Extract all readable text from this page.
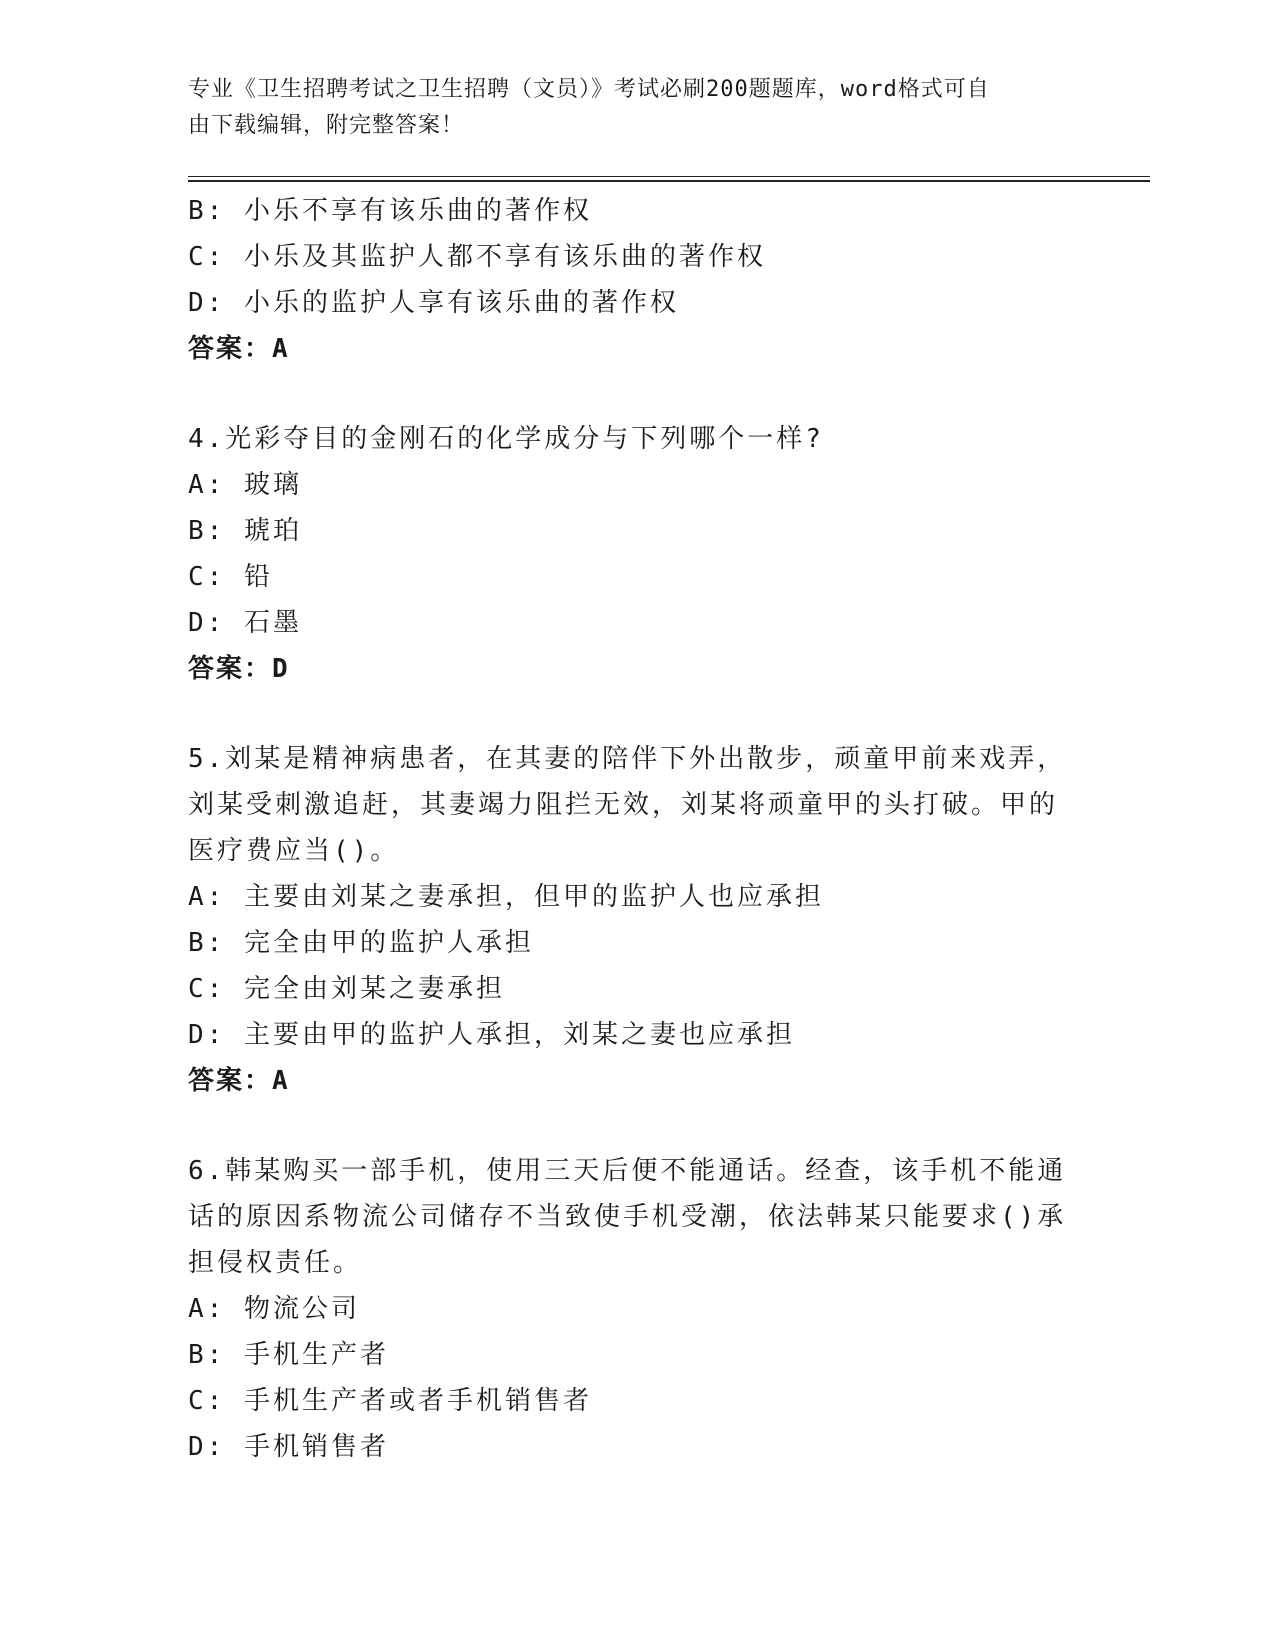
专业《卫生招聘考试之卫生招聘（文员）》考试必刷200题题库，word格式可自
由下载编辑，附完整答案！
B: 小乐不享有该乐曲的著作权
C: 小乐及其监护人都不享有该乐曲的著作权
D: 小乐的监护人享有该乐曲的著作权
答案：A
4.光彩夺目的金刚石的化学成分与下列哪个一样?
A: 玻璃
B: 琥珀
C: 铅
D: 石墨
答案：D
5.刘某是精神病患者，在其妻的陪伴下外出散步，顽童甲前来戏弄，
刘某受刺激追赶，其妻竭力阻拦无效，刘某将顽童甲的头打破。甲的
医疗费应当()。
A: 主要由刘某之妻承担，但甲的监护人也应承担
B: 完全由甲的监护人承担
C: 完全由刘某之妻承担
D: 主要由甲的监护人承担，刘某之妻也应承担
答案：A
6.韩某购买一部手机，使用三天后便不能通话。经查，该手机不能通
话的原因系物流公司储存不当致使手机受潮，依法韩某只能要求()承
担侵权责任。
A: 物流公司
B: 手机生产者
C: 手机生产者或者手机销售者
D: 手机销售者
